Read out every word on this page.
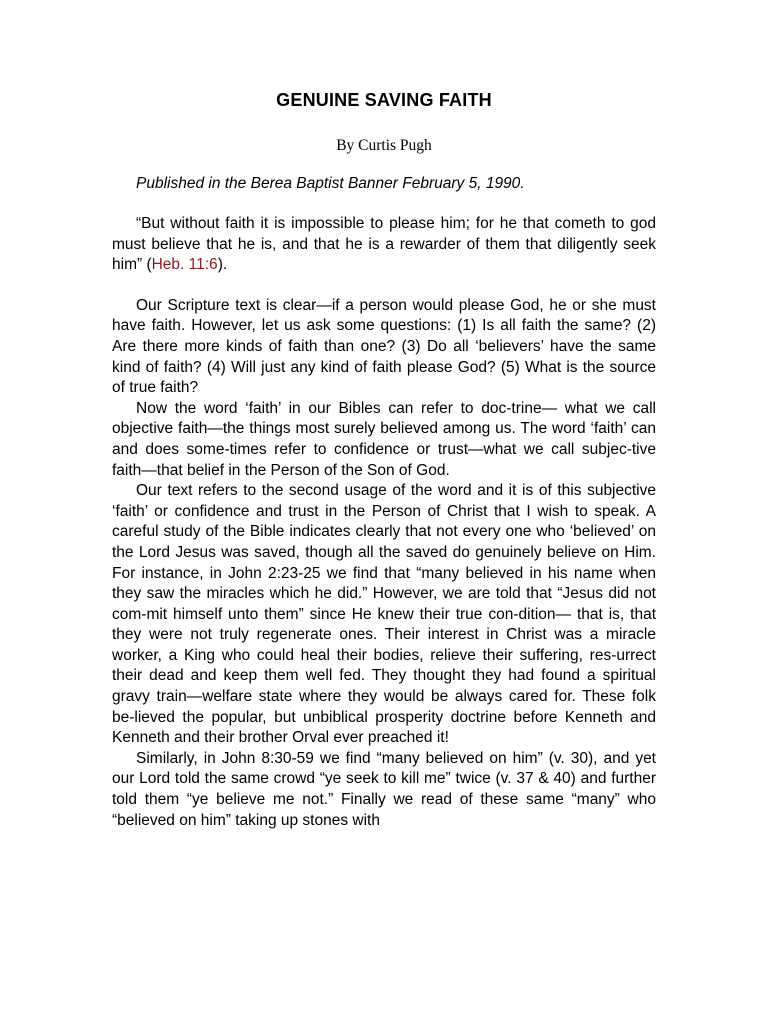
GENUINE SAVING FAITH

By Curtis Pugh

Published in the Berea Baptist Banner February 5, 1990.

“But without faith it is impossible to please him; for he that cometh to god must believe that he is, and that he is a rewarder of them that diligently seek him” (Heb. 11:6).

Our Scripture text is clear—if a person would please God, he or she must have faith. However, let us ask some questions: (1) Is all faith the same? (2) Are there more kinds of faith than one? (3) Do all ‘believers’ have the same kind of faith? (4) Will just any kind of faith please God? (5) What is the source of true faith?

Now the word ‘faith’ in our Bibles can refer to doc-trine— what we call objective faith—the things most surely believed among us. The word ‘faith’ can and does some-times refer to confidence or trust—what we call subjec-tive faith—that belief in the Person of the Son of God.

Our text refers to the second usage of the word and it is of this subjective ‘faith’ or confidence and trust in the Person of Christ that I wish to speak. A careful study of the Bible indicates clearly that not every one who ‘believed’ on the Lord Jesus was saved, though all the saved do genuinely believe on Him. For instance, in John 2:23-25 we find that “many believed in his name when they saw the miracles which he did.” However, we are told that “Jesus did not com-mit himself unto them” since He knew their true con-dition— that is, that they were not truly regenerate ones. Their interest in Christ was a miracle worker, a King who could heal their bodies, relieve their suffering, res-urrect their dead and keep them well fed. They thought they had found a spiritual gravy train—welfare state where they would be always cared for. These folk be-lieved the popular, but unbiblical prosperity doctrine before Kenneth and Kenneth and their brother Orval ever preached it!

Similarly, in John 8:30-59 we find “many believed on him” (v. 30), and yet our Lord told the same crowd “ye seek to kill me” twice (v. 37 & 40) and further told them “ye believe me not.” Finally we read of these same “many” who “believed on him” taking up stones with
